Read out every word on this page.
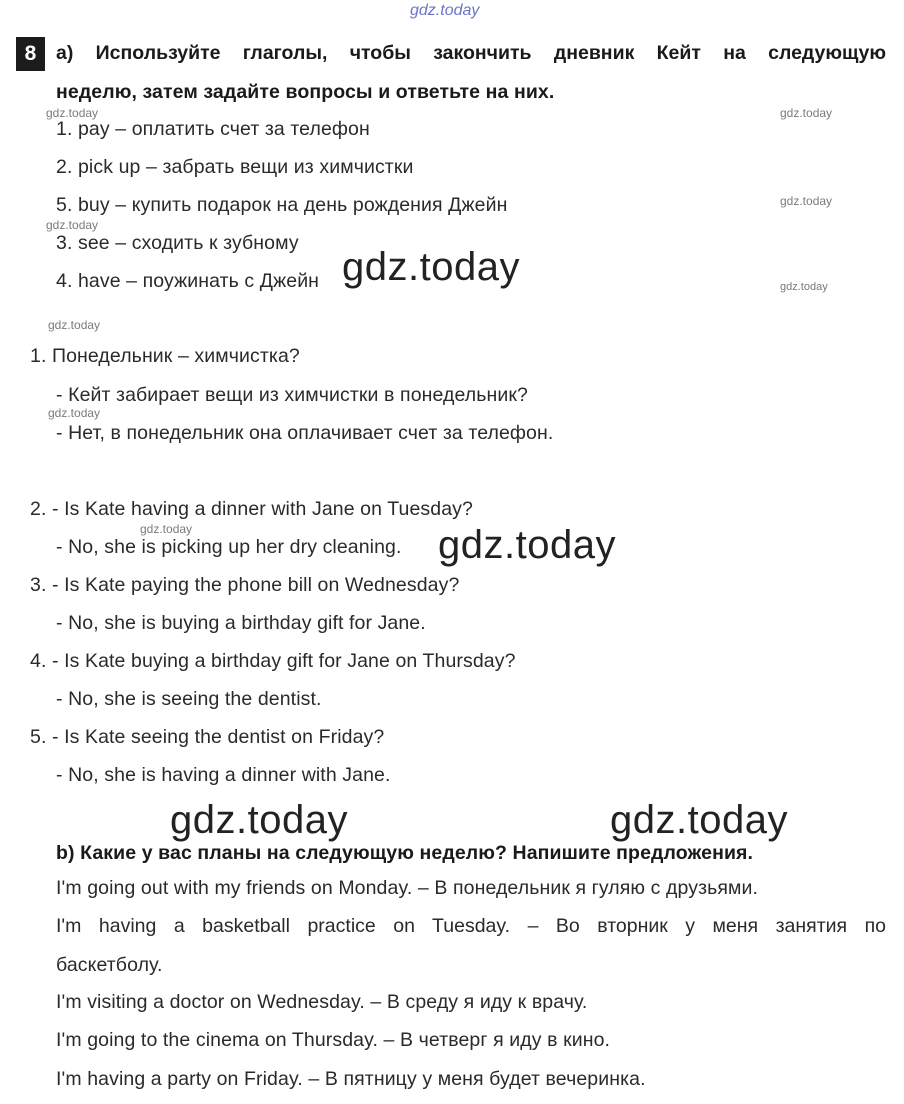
gdz.today
8	a) Используйте глаголы, чтобы закончить дневник Кейт на следующую
неделю, затем задайте вопросы и ответьте на них.
gdz.today	gdz.today
gdz.today
gdz.today
gdz.today
gdz.today
gdz.today
gdz.today
1. pay – оплатить счет за телефон
2. pick up – забрать вещи из химчистки
5. buy – купить подарок на день рождения Джейн
3. see – сходить к зубному
4. have – поужинать с Джейн gdz.today
1. Понедельник – химчистка?
- Кейт забирает вещи из химчистки в понедельник?
- Нет, в понедельник она оплачивает счет за телефон.
2. - Is Kate having a dinner with Jane on Tuesday?
- No, she is picking up her dry cleaning. gdz.today
3. - Is Kate paying the phone bill on Wednesday?
- No, she is buying a birthday gift for Jane.
4. - Is Kate buying a birthday gift for Jane on Thursday?
- No, she is seeing the dentist.
5. - Is Kate seeing the dentist on Friday?
- No, she is having a dinner with Jane.
gdz.today	gdz.today
b) Какие у вас планы на следующую неделю? Напишите предложения.
I'm going out with my friends on Monday. – В понедельник я гуляю с друзьями.
I'm having a basketball practice on Tuesday. – Во вторник у меня занятия по
баскетболу.
I'm visiting a doctor on Wednesday. – В среду я иду к врачу.
I'm going to the cinema on Thursday. – В четверг я иду в кино.
I'm having a party on Friday. – В пятницу у меня будет вечеринка.
